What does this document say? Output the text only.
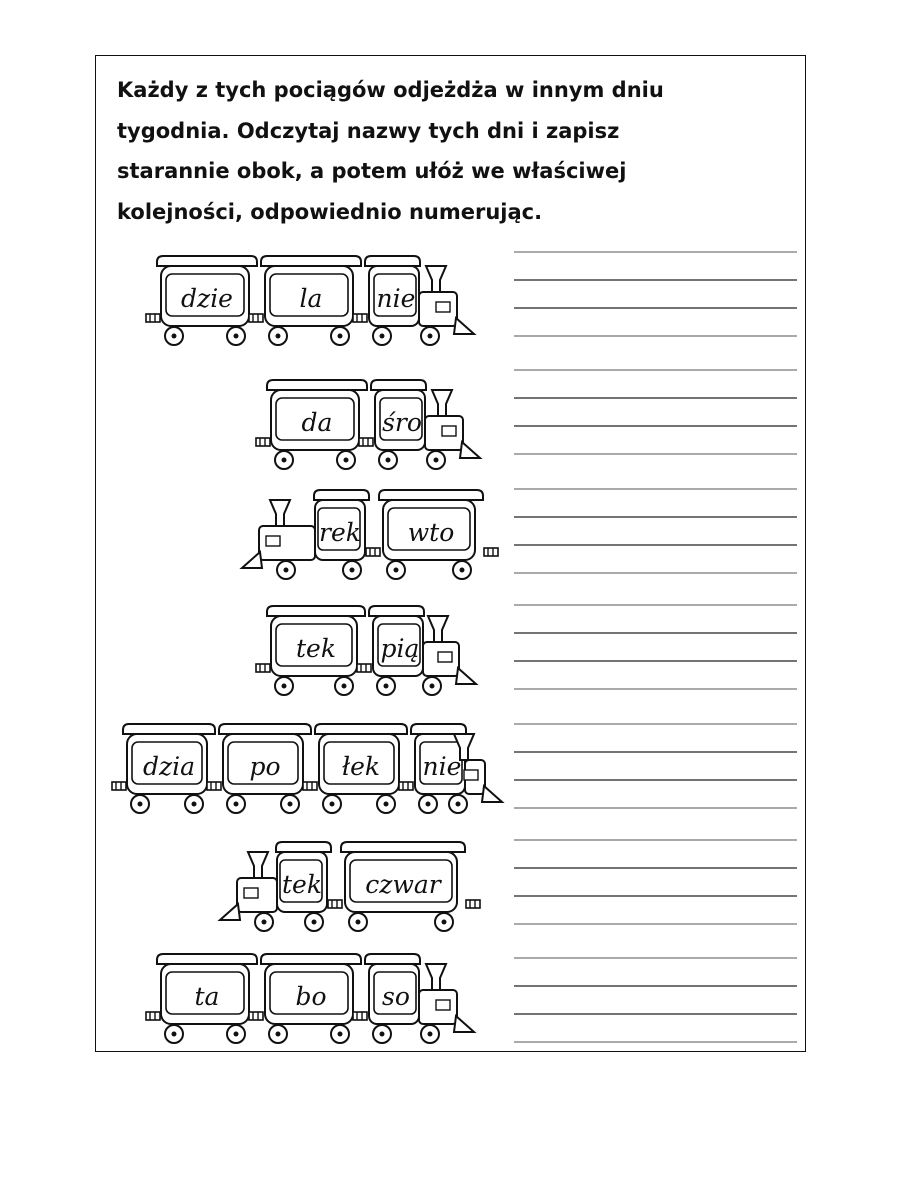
Każdy z tych pociągów odjeżdża w innym dniu
tygodnia. Odczytaj nazwy tych dni i zapisz
starannie obok, a potem ułóż we właściwej
kolejności, odpowiednio numerując.
dzie	la nie
da śro
rek wto
tek pią
dzia po łek nie
tek czwar
ta	bo so
